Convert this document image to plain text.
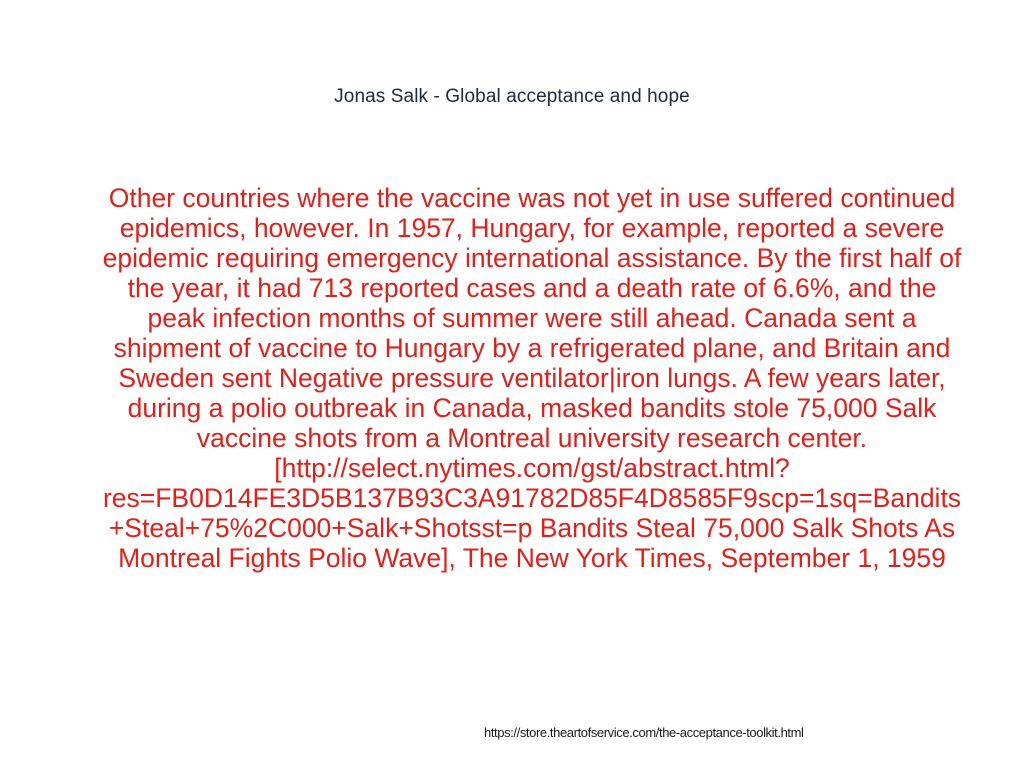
Jonas Salk - Global acceptance and hope
Other countries where the vaccine was not yet in use suffered continued epidemics, however. In 1957, Hungary, for example, reported a severe epidemic requiring emergency international assistance. By the first half of the year, it had 713 reported cases and a death rate of 6.6%, and the peak infection months of summer were still ahead. Canada sent a shipment of vaccine to Hungary by a refrigerated plane, and Britain and Sweden sent Negative pressure ventilator|iron lungs. A few years later, during a polio outbreak in Canada, masked bandits stole 75,000 Salk vaccine shots from a Montreal university research center.[http://select.nytimes.com/gst/abstract.html?res=FB0D14FE3D5B137B93C3A91782D85F4D8585F9scp=1sq=Bandits+Steal+75%2C000+Salk+Shotsst=p Bandits Steal 75,000 Salk Shots As Montreal Fights Polio Wave], The New York Times, September 1, 1959
https://store.theartofservice.com/the-acceptance-toolkit.html
